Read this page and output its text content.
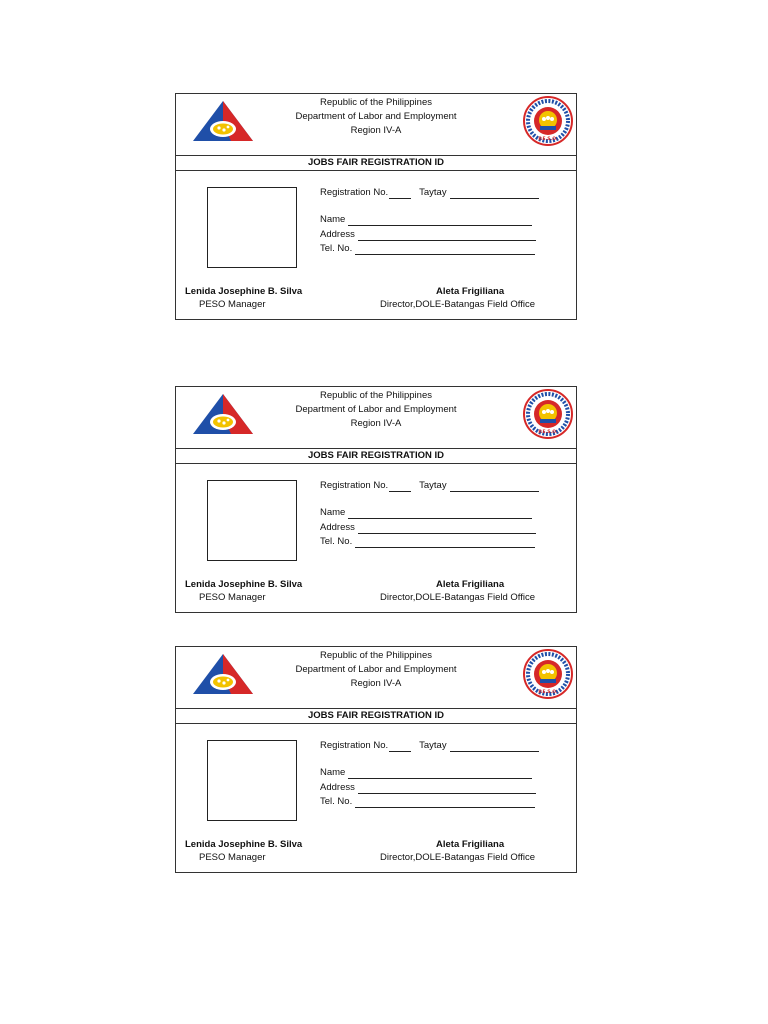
Republic of the Philippines
Department of Labor and Employment
Region IV-A
P.E.S.O.
JOBS FAIR REGISTRATION ID
Registration No.	Taytay
Name
Address
Tel. No.
Lenida Josephine B. Silva
PESO Manager
Aleta Frigiliana
Director,DOLE-Batangas Field Office
Republic of the Philippines
Department of Labor and Employment
Region IV-A
P.E.S.O.
JOBS FAIR REGISTRATION ID
Registration No.	Taytay
Name
Address
Tel. No.
Lenida Josephine B. Silva
PESO Manager
Aleta Frigiliana
Director,DOLE-Batangas Field Office
Republic of the Philippines
Department of Labor and Employment
Region IV-A
P.E.S.O.
JOBS FAIR REGISTRATION ID
Registration No.	Taytay
Name
Address
Tel. No.
Lenida Josephine B. Silva
PESO Manager
Aleta Frigiliana
Director,DOLE-Batangas Field Office
